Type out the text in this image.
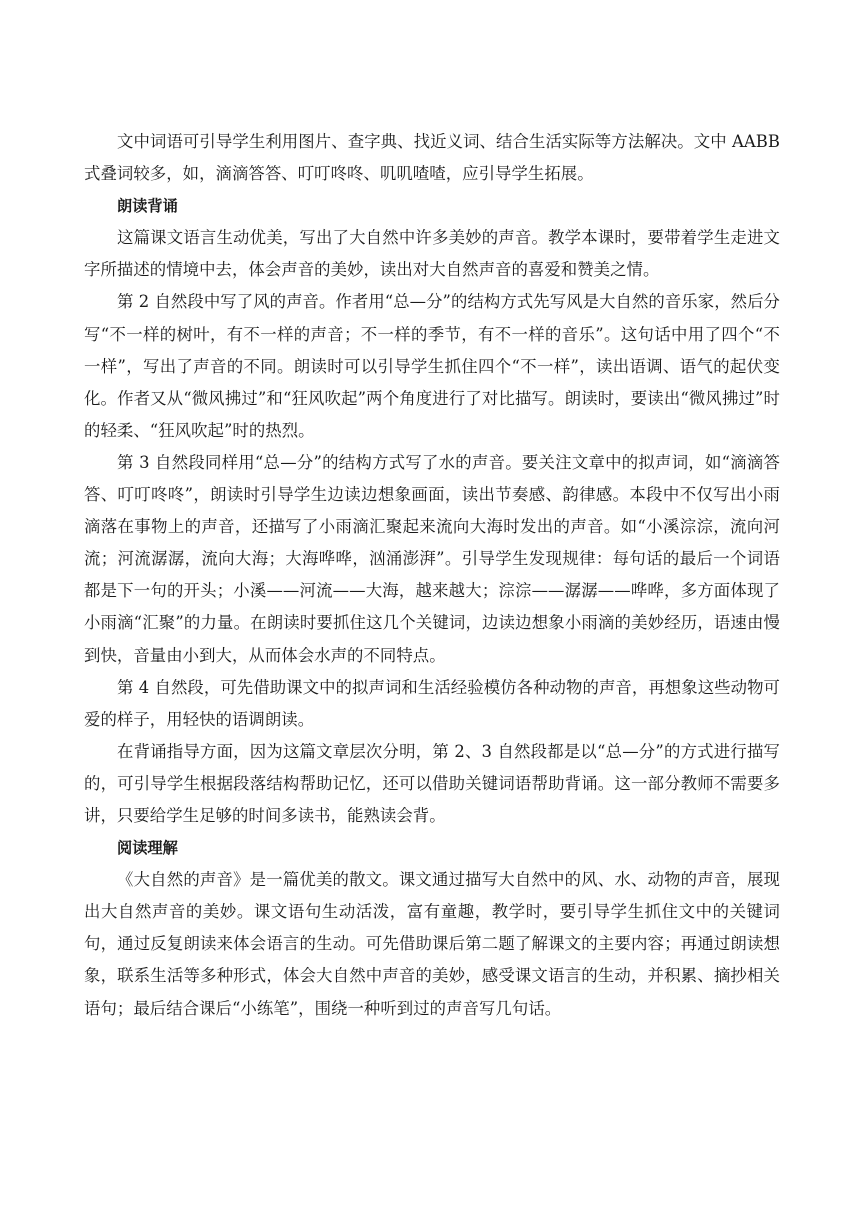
文中词语可引导学生利用图片、查字典、找近义词、结合生活实际等方法解决。文中 AABB 式叠词较多，如，滴滴答答、叮叮咚咚、叽叽喳喳，应引导学生拓展。

朗读背诵

这篇课文语言生动优美，写出了大自然中许多美妙的声音。教学本课时，要带着学生走进文字所描述的情境中去，体会声音的美妙，读出对大自然声音的喜爱和赞美之情。

第 2 自然段中写了风的声音。作者用“总—分”的结构方式先写风是大自然的音乐家，然后分写“不一样的树叶，有不一样的声音；不一样的季节，有不一样的音乐”。这句话中用了四个“不一样”，写出了声音的不同。朗读时可以引导学生抓住四个“不一样”，读出语调、语气的起伏变化。作者又从“微风拂过”和“狂风吹起”两个角度进行了对比描写。朗读时，要读出“微风拂过”时的轻柔、“狂风吹起”时的热烈。

第 3 自然段同样用“总—分”的结构方式写了水的声音。要关注文章中的拟声词，如“滴滴答答、叮叮咚咚”，朗读时引导学生边读边想象画面，读出节奏感、韵律感。本段中不仅写出小雨滴落在事物上的声音，还描写了小雨滴汇聚起来流向大海时发出的声音。如“小溪淙淙，流向河流；河流潺潺，流向大海；大海哗哗，汹涌澎湃”。引导学生发现规律：每句话的最后一个词语都是下一句的开头；小溪——河流——大海，越来越大；淙淙——潺潺——哗哗，多方面体现了小雨滴“汇聚”的力量。在朗读时要抓住这几个关键词，边读边想象小雨滴的美妙经历，语速由慢到快，音量由小到大，从而体会水声的不同特点。

第 4 自然段，可先借助课文中的拟声词和生活经验模仿各种动物的声音，再想象这些动物可爱的样子，用轻快的语调朗读。

在背诵指导方面，因为这篇文章层次分明，第 2、3 自然段都是以“总—分”的方式进行描写的，可引导学生根据段落结构帮助记忆，还可以借助关键词语帮助背诵。这一部分教师不需要多讲，只要给学生足够的时间多读书，能熟读会背。

阅读理解

《大自然的声音》是一篇优美的散文。课文通过描写大自然中的风、水、动物的声音，展现出大自然声音的美妙。课文语句生动活泼，富有童趣，教学时，要引导学生抓住文中的关键词句，通过反复朗读来体会语言的生动。可先借助课后第二题了解课文的主要内容；再通过朗读想象，联系生活等多种形式，体会大自然中声音的美妙，感受课文语言的生动，并积累、摘抄相关语句；最后结合课后“小练笔”，围绕一种听到过的声音写几句话。
